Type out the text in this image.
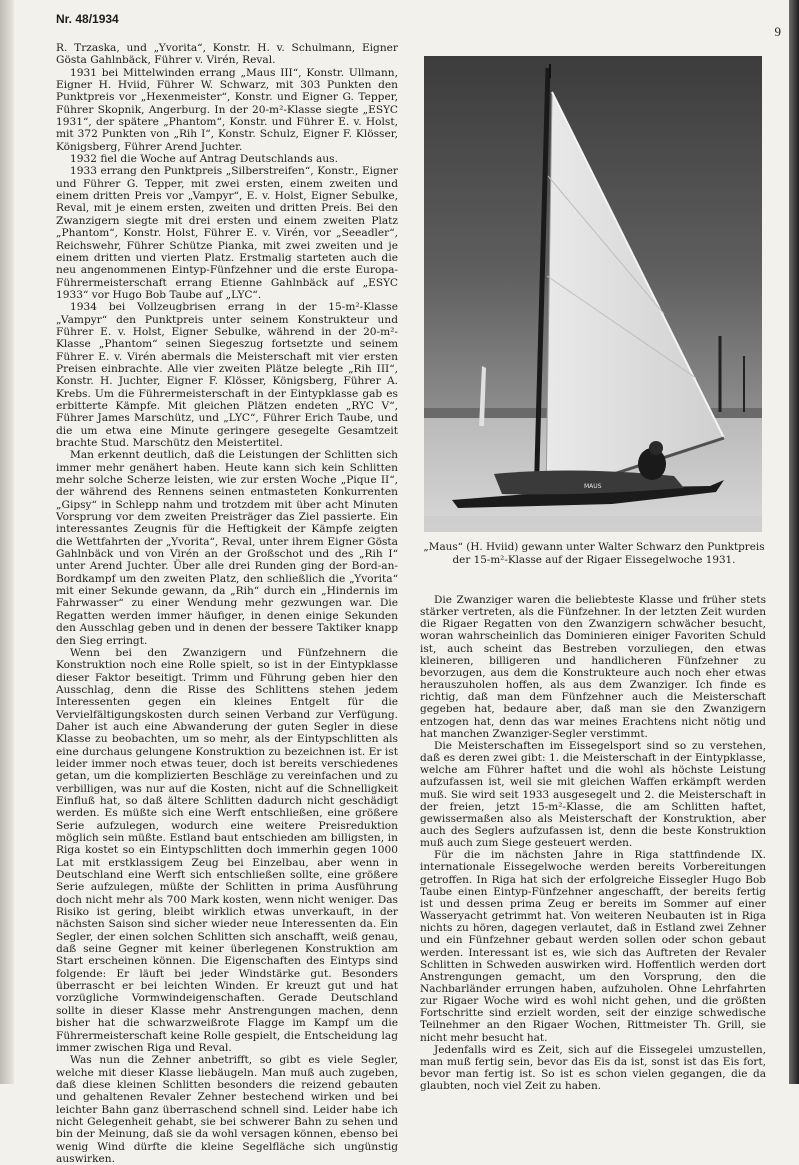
Nr. 48/1934
9

R. Trzaska, und „Yvorita“, Konstr. H. v. Schulmann, Eigner Gösta Gahlnbäck, Führer v. Virén, Reval.

1931 bei Mittelwinden errang „Maus III“, Konstr. Ullmann, Eigner H. Hviid, Führer W. Schwarz, mit 303 Punkten den Punktpreis vor „Hexenmeister“, Konstr. und Eigner G. Tepper, Führer Skopnik, Angerburg. In der 20-m²-Klasse siegte „ESYC 1931“, der spätere „Phantom“, Konstr. und Führer E. v. Holst, mit 372 Punkten von „Rih I“, Konstr. Schulz, Eigner F. Klösser, Königsberg, Führer Arend Juchter.

1932 fiel die Woche auf Antrag Deutschlands aus.

1933 errang den Punktpreis „Silberstreifen“, Konstr., Eigner und Führer G. Tepper, mit zwei ersten, einem zweiten und einem dritten Preis vor „Vampyr“, E. v. Holst, Eigner Sebulke, Reval, mit je einem ersten, zweiten und dritten Preis. Bei den Zwanzigern siegte mit drei ersten und einem zweiten Platz „Phantom“, Konstr. Holst, Führer E. v. Virén, vor „Seeadler“, Reichswehr, Führer Schütze Pianka, mit zwei zweiten und je einem dritten und vierten Platz. Erstmalig starteten auch die neu angenommenen Eintyp-Fünfzehner und die erste Europa-Führermeisterschaft errang Etienne Gahlnbäck auf „ESYC 1933“ vor Hugo Bob Taube auf „LYC“.

1934 bei Vollzeugbrisen errang in der 15-m²-Klasse „Vampyr“ den Punktpreis unter seinem Konstrukteur und Führer E. v. Holst, Eigner Sebulke, während in der 20-m²-Klasse „Phantom“ seinen Siegeszug fortsetzte und seinem Führer E. v. Virén abermals die Meisterschaft mit vier ersten Preisen einbrachte. Alle vier zweiten Plätze belegte „Rih III“, Konstr. H. Juchter, Eigner F. Klösser, Königsberg, Führer A. Krebs. Um die Führermeisterschaft in der Eintypklasse gab es erbitterte Kämpfe. Mit gleichen Plätzen endeten „RYC V“, Führer James Marschütz, und „LYC“, Führer Erich Taube, und die um etwa eine Minute geringere gesegelte Gesamtzeit brachte Stud. Marschütz den Meistertitel.

Man erkennt deutlich, daß die Leistungen der Schlitten sich immer mehr genähert haben. Heute kann sich kein Schlitten mehr solche Scherze leisten, wie zur ersten Woche „Pique II“, der während des Rennens seinen entmasteten Konkurrenten „Gipsy“ in Schlepp nahm und trotzdem mit über acht Minuten Vorsprung vor dem zweiten Preisträger das Ziel passierte. Ein interessantes Zeugnis für die Heftigkeit der Kämpfe zeigten die Wettfahrten der „Yvorita“, Reval, unter ihrem Eigner Gösta Gahlnbäck und von Virén an der Großschot und des „Rih I“ unter Arend Juchter. Über alle drei Runden ging der Bord-an-Bordkampf um den zweiten Platz, den schließlich die „Yvorita“ mit einer Sekunde gewann, da „Rih“ durch ein „Hindernis im Fahrwasser“ zu einer Wendung mehr gezwungen war. Die Regatten werden immer häufiger, in denen einige Sekunden den Ausschlag geben und in denen der bessere Taktiker knapp den Sieg erringt.

Wenn bei den Zwanzigern und Fünfzehnern die Konstruktion noch eine Rolle spielt, so ist in der Eintypklasse dieser Faktor beseitigt. Trimm und Führung geben hier den Ausschlag, denn die Risse des Schlittens stehen jedem Interessenten gegen ein kleines Entgelt für die Vervielfältigungskosten durch seinen Verband zur Verfügung. Daher ist auch eine Abwanderung der guten Segler in diese Klasse zu beobachten, um so mehr, als der Eintypschlitten als eine durchaus gelungene Konstruktion zu bezeichnen ist. Er ist leider immer noch etwas teuer, doch ist bereits verschiedenes getan, um die komplizierten Beschläge zu vereinfachen und zu verbilligen, was nur auf die Kosten, nicht auf die Schnelligkeit Einfluß hat, so daß ältere Schlitten dadurch nicht geschädigt werden. Es müßte sich eine Werft entschließen, eine größere Serie aufzulegen, wodurch eine weitere Preisreduktion möglich sein müßte. Estland baut entschieden am billigsten, in Riga kostet so ein Eintypschlitten doch immerhin gegen 1000 Lat mit erstklassigem Zeug bei Einzelbau, aber wenn in Deutschland eine Werft sich entschließen sollte, eine größere Serie aufzulegen, müßte der Schlitten in prima Ausführung doch nicht mehr als 700 Mark kosten, wenn nicht weniger. Das Risiko ist gering, bleibt wirklich etwas unverkauft, in der nächsten Saison sind sicher wieder neue Interessenten da. Ein Segler, der einen solchen Schlitten sich anschafft, weiß genau, daß seine Gegner mit keiner überlegenen Konstruktion am Start erscheinen können. Die Eigenschaften des Eintyps sind folgende: Er läuft bei jeder Windstärke gut. Besonders überrascht er bei leichten Winden. Er kreuzt gut und hat vorzügliche Vormwindeigenschaften. Gerade Deutschland sollte in dieser Klasse mehr Anstrengungen machen, denn bisher hat die schwarzweißrote Flagge im Kampf um die Führermeisterschaft keine Rolle gespielt, die Entscheidung lag immer zwischen Riga und Reval.

Was nun die Zehner anbetrifft, so gibt es viele Segler, welche mit dieser Klasse liebäugeln. Man muß auch zugeben, daß diese kleinen Schlitten besonders die reizend gebauten und gehaltenen Revaler Zehner bestechend wirken und bei leichter Bahn ganz überraschend schnell sind. Leider habe ich nicht Gelegenheit gehabt, sie bei schwerer Bahn zu sehen und bin der Meinung, daß sie da wohl versagen können, ebenso bei wenig Wind dürfte die kleine Segelfläche sich ungünstig auswirken.

MAUS
„Maus“ (H. Hviid) gewann unter Walter Schwarz den Punktpreis
der 15-m²-Klasse auf der Rigaer Eissegelwoche 1931.

Die Zwanziger waren die beliebteste Klasse und früher stets stärker vertreten, als die Fünfzehner. In der letzten Zeit wurden die Rigaer Regatten von den Zwanzigern schwächer besucht, woran wahrscheinlich das Dominieren einiger Favoriten Schuld ist, auch scheint das Bestreben vorzuliegen, den etwas kleineren, billigeren und handlicheren Fünfzehner zu bevorzugen, aus dem die Konstrukteure auch noch eher etwas herauszuholen hoffen, als aus dem Zwanziger. Ich finde es richtig, daß man dem Fünfzehner auch die Meisterschaft gegeben hat, bedaure aber, daß man sie den Zwanzigern entzogen hat, denn das war meines Erachtens nicht nötig und hat manchen Zwanziger-Segler verstimmt.

Die Meisterschaften im Eissegelsport sind so zu verstehen, daß es deren zwei gibt: 1. die Meisterschaft in der Eintypklasse, welche am Führer haftet und die wohl als höchste Leistung aufzufassen ist, weil sie mit gleichen Waffen erkämpft werden muß. Sie wird seit 1933 ausgesegelt und 2. die Meisterschaft in der freien, jetzt 15-m²-Klasse, die am Schlitten haftet, gewissermaßen also als Meisterschaft der Konstruktion, aber auch des Seglers aufzufassen ist, denn die beste Konstruktion muß auch zum Siege gesteuert werden.

Für die im nächsten Jahre in Riga stattfindende IX. internationale Eissegelwoche werden bereits Vorbereitungen getroffen. In Riga hat sich der erfolgreiche Eissegler Hugo Bob Taube einen Eintyp-Fünfzehner angeschafft, der bereits fertig ist und dessen prima Zeug er bereits im Sommer auf einer Wasseryacht getrimmt hat. Von weiteren Neubauten ist in Riga nichts zu hören, dagegen verlautet, daß in Estland zwei Zehner und ein Fünfzehner gebaut werden sollen oder schon gebaut werden. Interessant ist es, wie sich das Auftreten der Revaler Schlitten in Schweden auswirken wird. Hoffentlich werden dort Anstrengungen gemacht, um den Vorsprung, den die Nachbarländer errungen haben, aufzuholen. Ohne Lehrfahrten zur Rigaer Woche wird es wohl nicht gehen, und die größten Fortschritte sind erzielt worden, seit der einzige schwedische Teilnehmer an den Rigaer Wochen, Rittmeister Th. Grill, sie nicht mehr besucht hat.

Jedenfalls wird es Zeit, sich auf die Eissegelei umzustellen, man muß fertig sein, bevor das Eis da ist, sonst ist das Eis fort, bevor man fertig ist. So ist es schon vielen gegangen, die da glaubten, noch viel Zeit zu haben.
